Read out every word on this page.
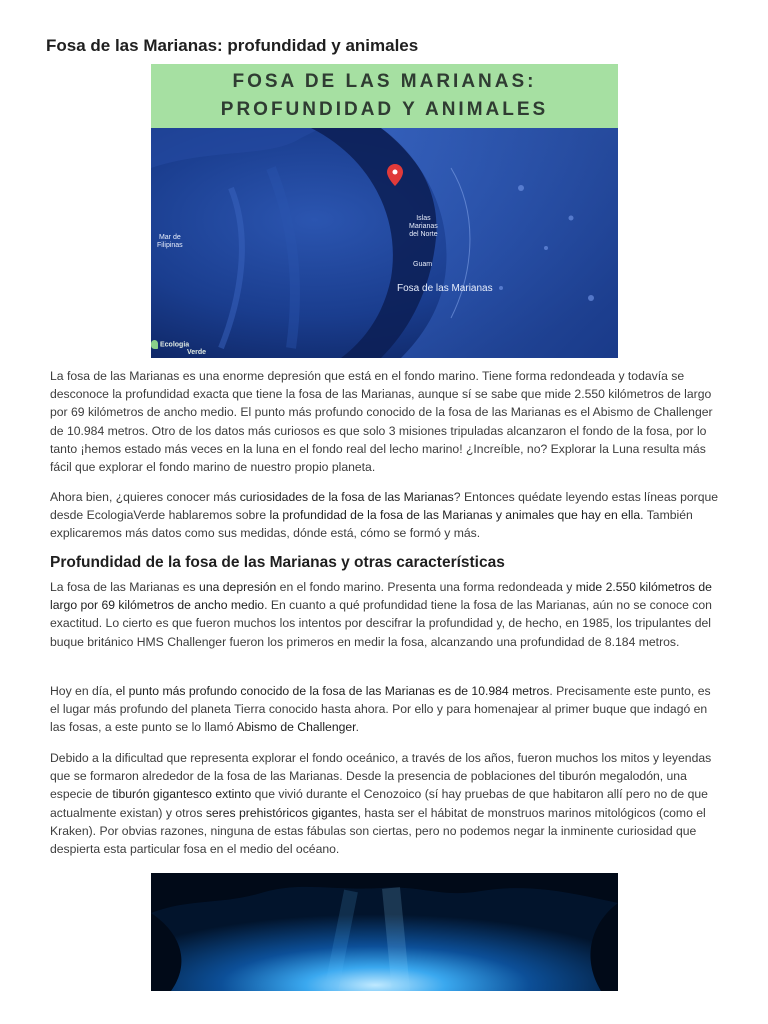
Fosa de las Marianas: profundidad y animales
FOSA DE LAS MARIANAS:
PROFUNDIDAD Y ANIMALES
Mar de
Filipinas
Islas
Marianas
del Norte
Guam
Fosa de las Marianas
Ecologia
Verde

La fosa de las Marianas es una enorme depresión que está en el fondo marino. Tiene forma redondeada y todavía se desconoce la profundidad exacta que tiene la fosa de las Marianas, aunque sí se sabe que mide 2.550 kilómetros de largo por 69 kilómetros de ancho medio. El punto más profundo conocido de la fosa de las Marianas es el Abismo de Challenger de 10.984 metros. Otro de los datos más curiosos es que solo 3 misiones tripuladas alcanzaron el fondo de la fosa, por lo tanto ¡hemos estado más veces en la luna en el fondo real del lecho marino! ¿Increíble, no? Explorar la Luna resulta más fácil que explorar el fondo marino de nuestro propio planeta.

Ahora bien, ¿quieres conocer más curiosidades de la fosa de las Marianas? Entonces quédate leyendo estas líneas porque desde EcologiaVerde hablaremos sobre la profundidad de la fosa de las Marianas y animales que hay en ella. También explicaremos más datos como sus medidas, dónde está, cómo se formó y más.

Profundidad de la fosa de las Marianas y otras características

La fosa de las Marianas es una depresión en el fondo marino. Presenta una forma redondeada y mide 2.550 kilómetros de largo por 69 kilómetros de ancho medio. En cuanto a qué profundidad tiene la fosa de las Marianas, aún no se conoce con exactitud. Lo cierto es que fueron muchos los intentos por descifrar la profundidad y, de hecho, en 1985, los tripulantes del buque británico HMS Challenger fueron los primeros en medir la fosa, alcanzando una profundidad de 8.184 metros.

Hoy en día, el punto más profundo conocido de la fosa de las Marianas es de 10.984 metros. Precisamente este punto, es el lugar más profundo del planeta Tierra conocido hasta ahora. Por ello y para homenajear al primer buque que indagó en las fosas, a este punto se lo llamó Abismo de Challenger.

Debido a la dificultad que representa explorar el fondo oceánico, a través de los años, fueron muchos los mitos y leyendas que se formaron alrededor de la fosa de las Marianas. Desde la presencia de poblaciones del tiburón megalodón, una especie de tiburón gigantesco extinto que vivió durante el Cenozoico (sí hay pruebas de que habitaron allí pero no de que actualmente existan) y otros seres prehistóricos gigantes, hasta ser el hábitat de monstruos marinos mitológicos (como el Kraken). Por obvias razones, ninguna de estas fábulas son ciertas, pero no podemos negar la inminente curiosidad que despierta esta particular fosa en el medio del océano.
